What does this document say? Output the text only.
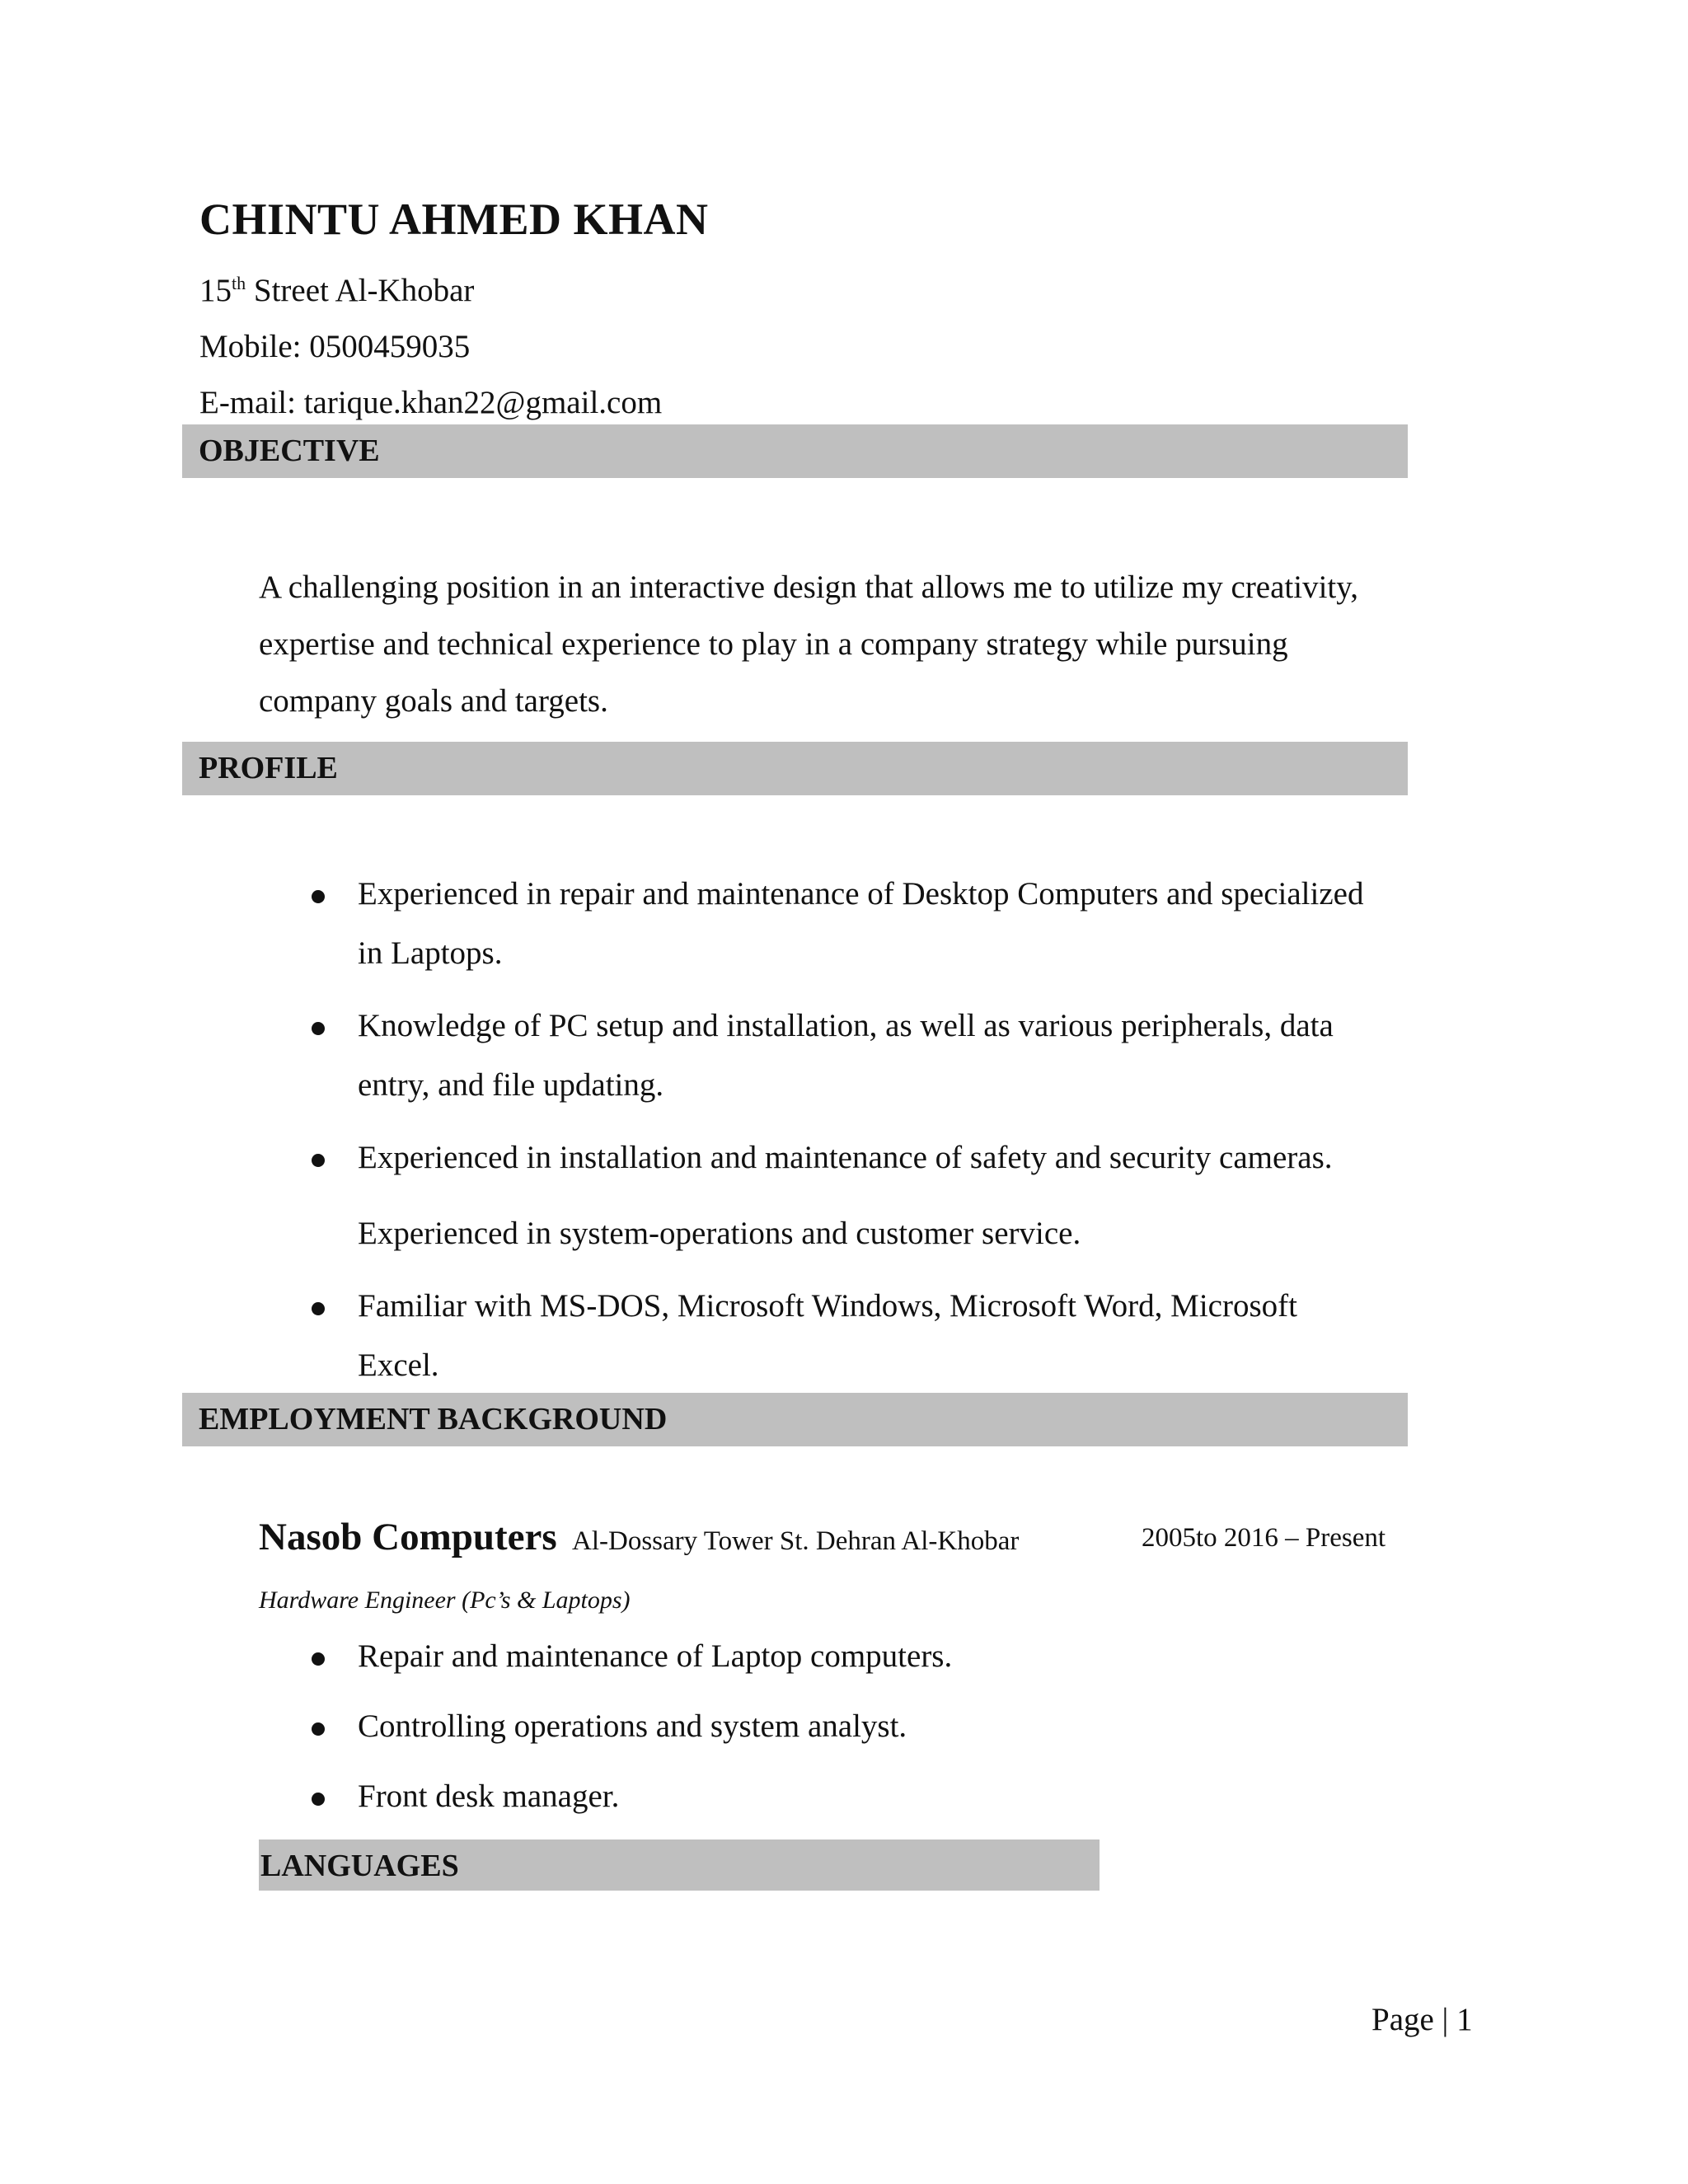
CHINTU AHMED KHAN
15th Street Al-Khobar
Mobile: 0500459035
E-mail: tarique.khan22@gmail.com
OBJECTIVE
A challenging position in an interactive design that allows me to utilize my creativity,
expertise and technical experience to play in a company strategy while pursuing
company goals and targets.
PROFILE
Experienced in repair and maintenance of Desktop Computers and specialized
in Laptops.
Knowledge of PC setup and installation, as well as various peripherals, data
entry, and file updating.
Experienced in installation and maintenance of safety and security cameras.
Experienced in system-operations and customer service.
Familiar with MS-DOS, Microsoft Windows, Microsoft Word, Microsoft
Excel.
EMPLOYMENT BACKGROUND
Nasob Computers Al-Dossary Tower St. Dehran Al-Khobar	2005to 2016 – Present
Hardware Engineer (Pc’s & Laptops)
Repair and maintenance of Laptop computers.
Controlling operations and system analyst.
Front desk manager.
LANGUAGES
Page | 1
